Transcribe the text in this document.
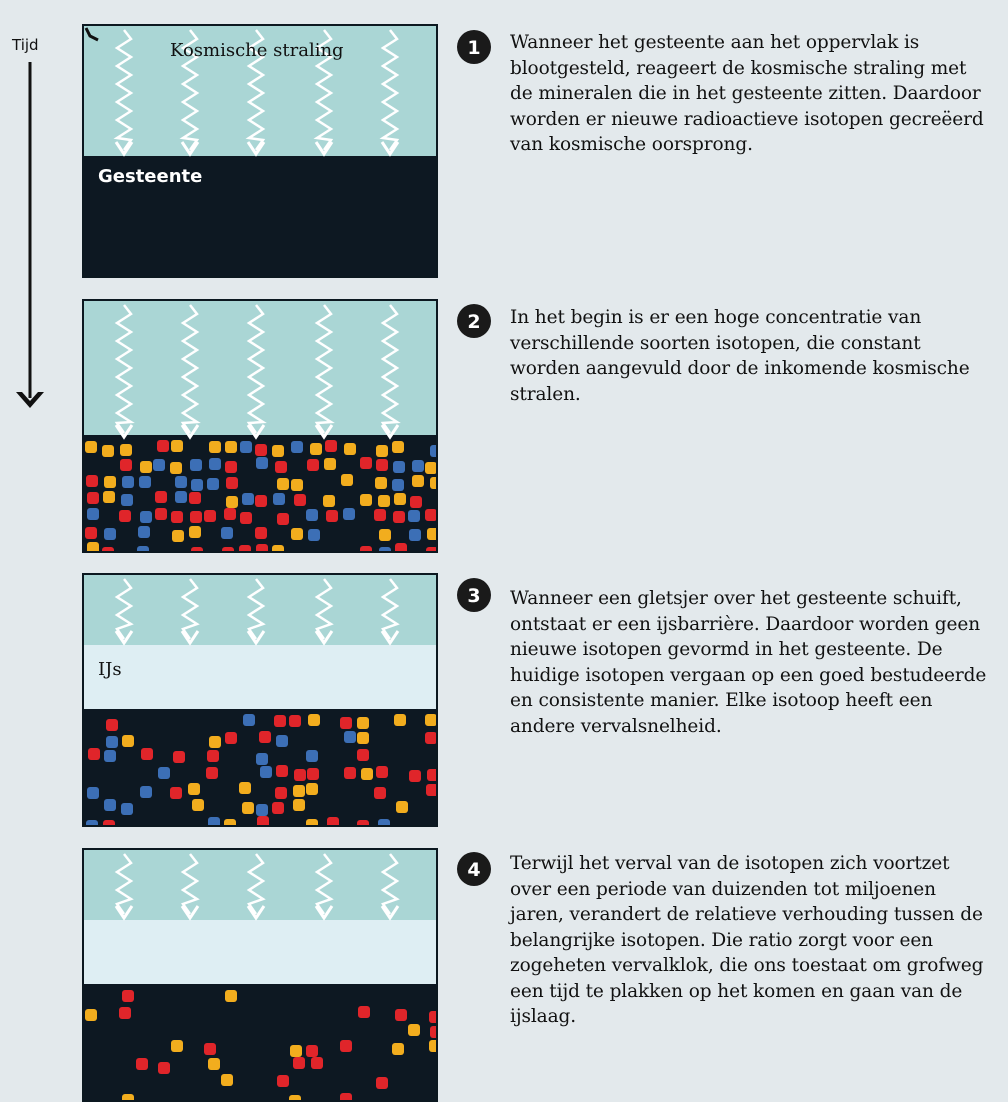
Tijd	Kosmische straling
Gesteente
IJs
1 Wanneer het gesteente aan het oppervlak is blootgesteld, reageert de kosmische straling met de mineralen die in het gesteente zitten. Daardoor worden er nieuwe radioactieve isotopen gecreëerd van kosmische oorsprong.

2 In het begin is er een hoge concentratie van verschillende soorten isotopen, die constant worden aangevuld door de inkomende kosmische stralen.

3 Wanneer een gletsjer over het gesteente schuift, ontstaat er een ijsbarrière. Daardoor worden geen nieuwe isotopen gevormd in het gesteente. De huidige isotopen vergaan op een goed bestudeerde en consistente manier. Elke isotoop heeft een andere vervalsnelheid.

4 Terwijl het verval van de isotopen zich voortzet over een periode van duizenden tot miljoenen jaren, verandert de relatieve verhouding tussen de belangrijke isotopen. Die ratio zorgt voor een zogeheten vervalklok, die ons toestaat om grofweg een tijd te plakken op het komen en gaan van de ijslaag.
